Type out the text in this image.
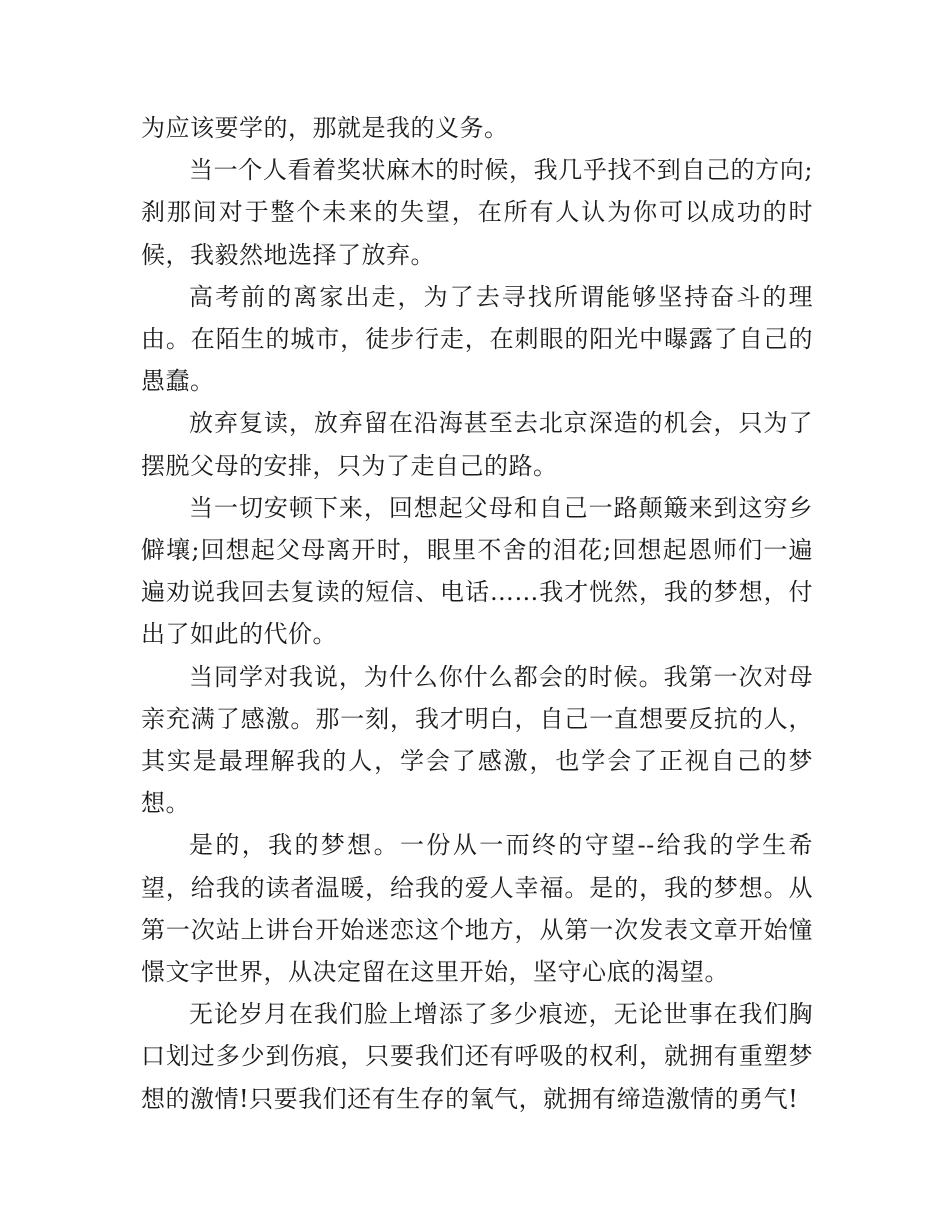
为应该要学的，那就是我的义务。

当一个人看着奖状麻木的时候，我几乎找不到自己的方向;刹那间对于整个未来的失望，在所有人认为你可以成功的时候，我毅然地选择了放弃。

高考前的离家出走，为了去寻找所谓能够坚持奋斗的理由。在陌生的城市，徒步行走，在刺眼的阳光中曝露了自己的愚蠢。

放弃复读，放弃留在沿海甚至去北京深造的机会，只为了摆脱父母的安排，只为了走自己的路。

当一切安顿下来，回想起父母和自己一路颠簸来到这穷乡僻壤;回想起父母离开时，眼里不舍的泪花;回想起恩师们一遍遍劝说我回去复读的短信、电话……我才恍然，我的梦想，付出了如此的代价。

当同学对我说，为什么你什么都会的时候。我第一次对母亲充满了感激。那一刻，我才明白，自己一直想要反抗的人，其实是最理解我的人，学会了感激，也学会了正视自己的梦想。

是的，我的梦想。一份从一而终的守望--给我的学生希望，给我的读者温暖，给我的爱人幸福。是的，我的梦想。从第一次站上讲台开始迷恋这个地方，从第一次发表文章开始憧憬文字世界，从决定留在这里开始，坚守心底的渴望。

无论岁月在我们脸上增添了多少痕迹，无论世事在我们胸口划过多少到伤痕，只要我们还有呼吸的权利，就拥有重塑梦想的激情!只要我们还有生存的氧气，就拥有缔造激情的勇气!
